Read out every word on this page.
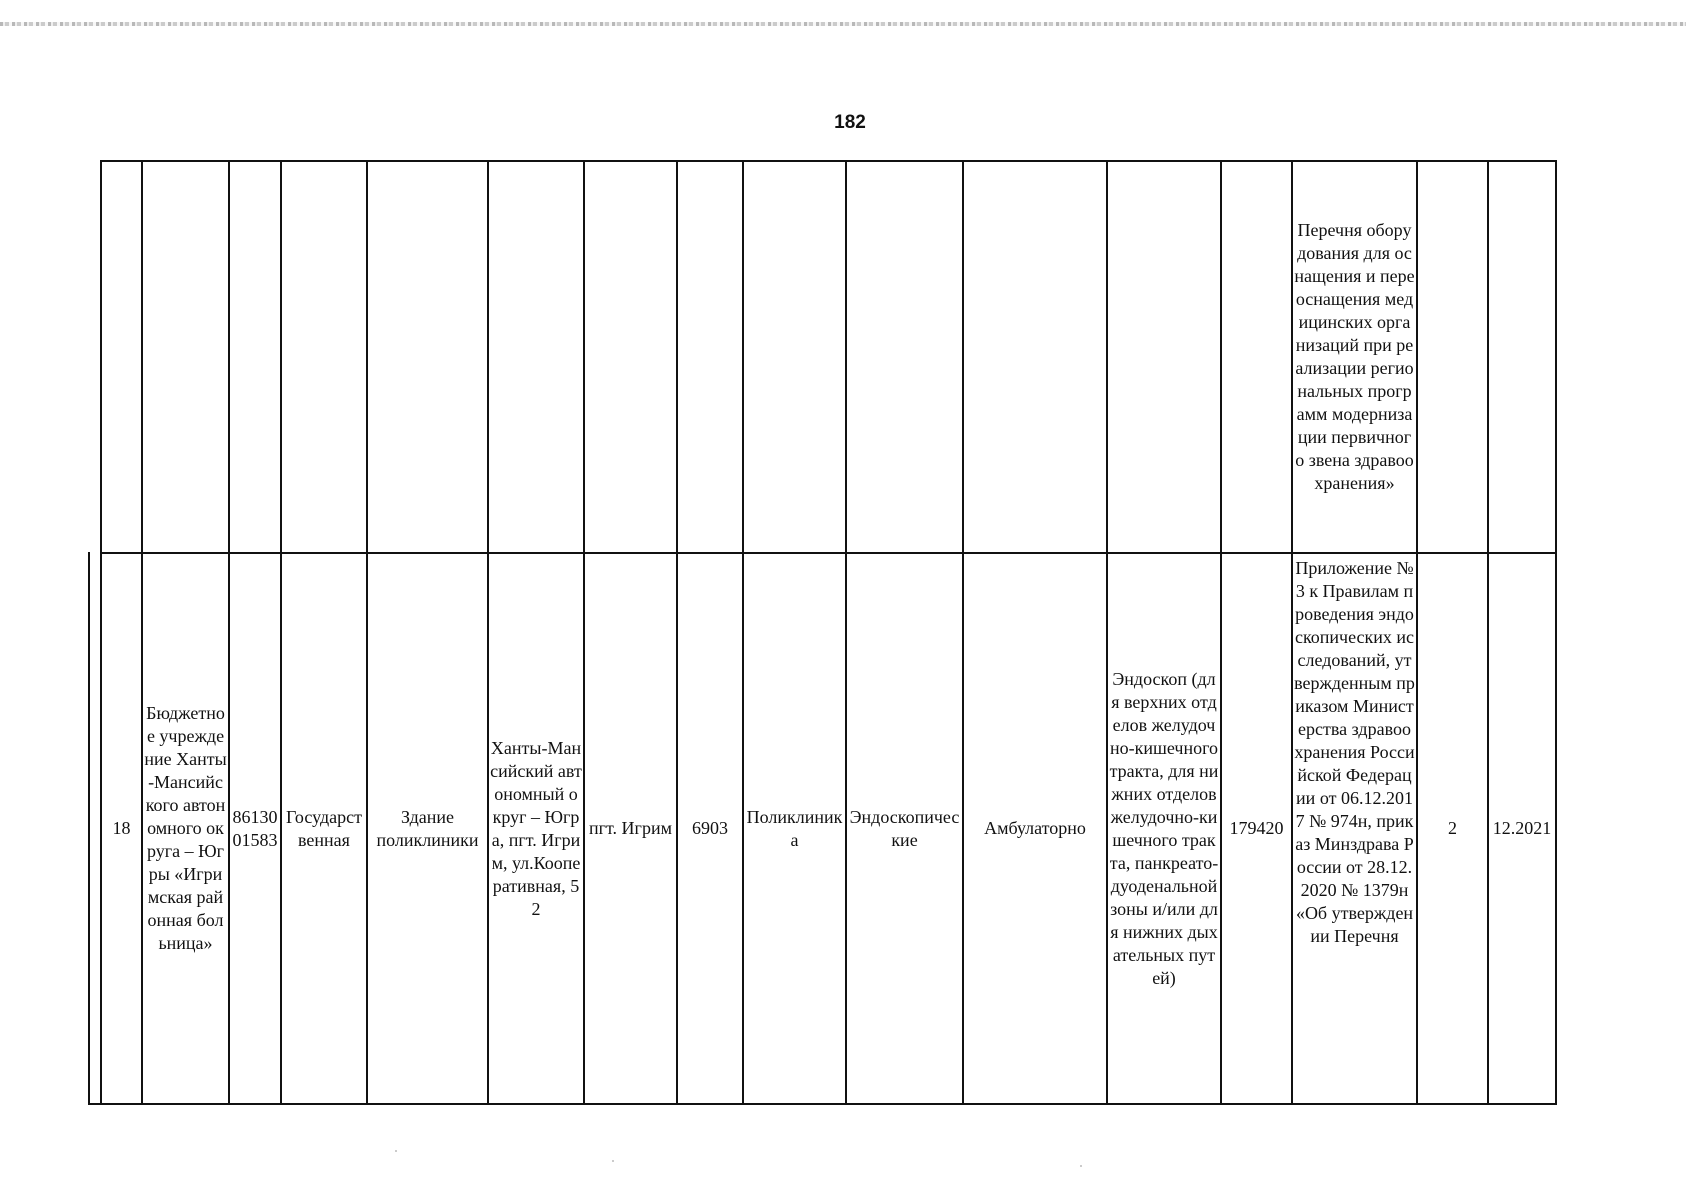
182
Перечня оборудования для оснащения и переоснащения медицинских организаций при реализации региональных программ модернизации первичного звена здравоохранения»
18
Бюджетное учреждение Ханты-Мансийского автономного округа – Югры «Игримская районная больница»
8613001583
Государственная
Здание поликлиники
Ханты-Мансийский автономный округ – Югра, пгт. Игрим, ул.Кооперативная, 52
пгт. Игрим	6903
Поликлиника
Эндоскопические
Амбулаторно
Эндоскоп (для верхних отделов желудочно-кишечного тракта, для нижних отделов желудочно-кишечного тракта, панкреато-дуоденальной зоны и/или для нижних дыхательных путей)
179420
Приложение № 3 к Правилам проведения эндоскопических исследований, утвержденным приказом Министерства здравоохранения Российской Федерации от 06.12.2017 № 974н, приказ Минздрава России от 28.12.2020 № 1379н «Об утверждении Перечня
2	12.2021
